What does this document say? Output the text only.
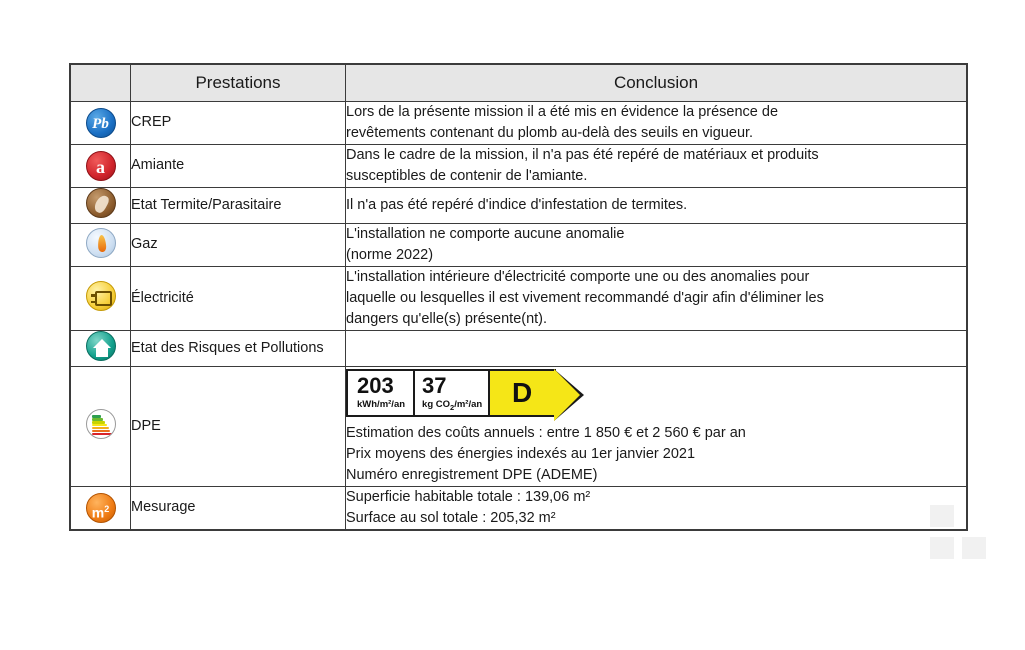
	Prestations	Conclusion
Pb	CREP	Lors de la présente mission il a été mis en évidence la présence de
revêtements contenant du plomb au-delà des seuils en vigueur.

a	Amiante	Dans le cadre de la mission, il n'a pas été repéré de matériaux et produits
susceptibles de contenir de l'amiante.

	Etat Termite/Parasitaire	Il n'a pas été repéré d'indice d'infestation de termites.

	Gaz	L'installation ne comporte aucune anomalie
(norme 2022)

	Électricité	L'installation intérieure d'électricité comporte une ou des anomalies pour
laquelle ou lesquelles il est vivement recommandé d'agir afin d'éliminer les
dangers qu'elle(s) présente(nt).

	Etat des Risques et Pollutions	

	DPE	
203
kWh/m²/an
37
kg $CO_2/m^2/an$ D
Estimation des coûts annuels : entre 1 850 € et 2 560 € par an
Prix moyens des énergies indexés au 1er janvier 2021
Numéro enregistrement DPE (ADEME)

$m^2$	Mesurage	Superficie habitable totale : 139,06 m²
Surface au sol totale : 205,32 m²
